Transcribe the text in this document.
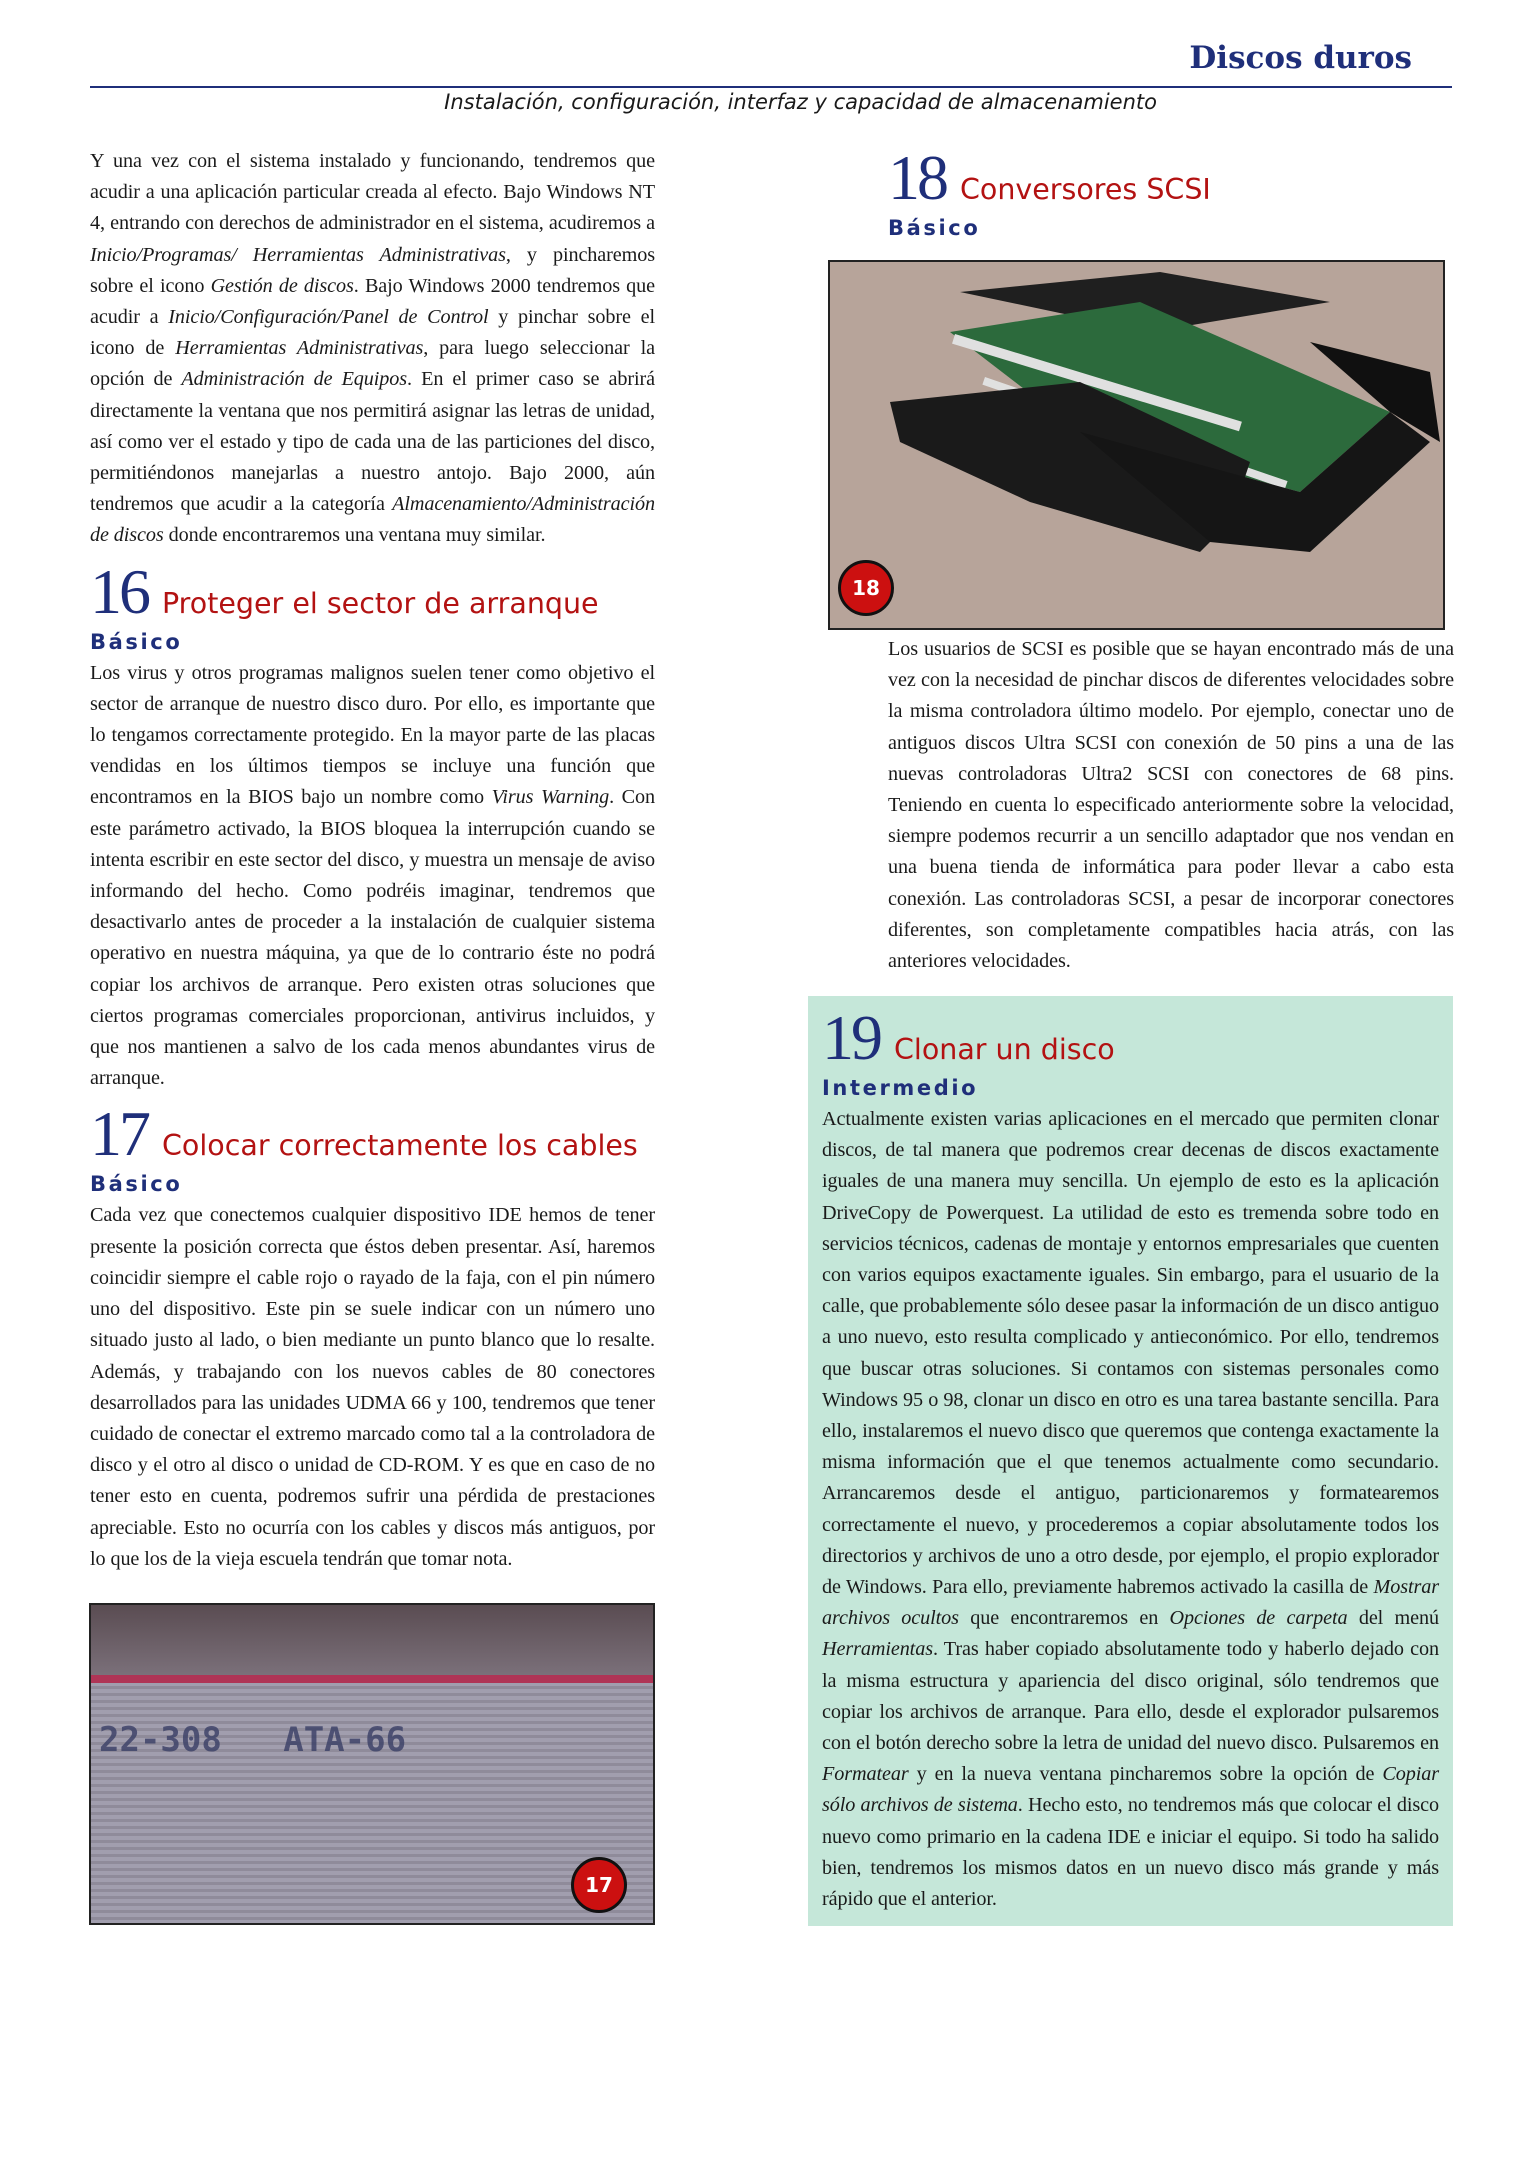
Discos duros
Instalación, configuración, interfaz y capacidad de almacenamiento

Y una vez con el sistema instalado y funcionando, tendremos que acudir a una aplicación particular creada al efecto. Bajo Windows NT 4, entrando con derechos de administrador en el sistema, acudiremos a Inicio/Programas/ Herramientas Administrativas, y pincharemos sobre el icono Gestión de discos. Bajo Windows 2000 tendremos que acudir a Inicio/Configuración/Panel de Control y pinchar sobre el icono de Herramientas Administrativas, para luego seleccionar la opción de Administración de Equipos. En el primer caso se abrirá directamente la ventana que nos permitirá asignar las letras de unidad, así como ver el estado y tipo de cada una de las particiones del disco, permitiéndonos manejarlas a nuestro antojo. Bajo 2000, aún tendremos que acudir a la categoría Almacenamiento/Administración de discos donde encontraremos una ventana muy similar.

16 Proteger el sector de arranque
Básico

Los virus y otros programas malignos suelen tener como objetivo el sector de arranque de nuestro disco duro. Por ello, es importante que lo tengamos correctamente protegido. En la mayor parte de las placas vendidas en los últimos tiempos se incluye una función que encontramos en la BIOS bajo un nombre como Virus Warning. Con este parámetro activado, la BIOS bloquea la interrupción cuando se intenta escribir en este sector del disco, y muestra un mensaje de aviso informando del hecho. Como podréis imaginar, tendremos que desactivarlo antes de proceder a la instalación de cualquier sistema operativo en nuestra máquina, ya que de lo contrario éste no podrá copiar los archivos de arranque. Pero existen otras soluciones que ciertos programas comerciales proporcionan, antivirus incluidos, y que nos mantienen a salvo de los cada menos abundantes virus de arranque.

17 Colocar correctamente los cables
Básico

Cada vez que conectemos cualquier dispositivo IDE hemos de tener presente la posición correcta que éstos deben presentar. Así, haremos coincidir siempre el cable rojo o rayado de la faja, con el pin número uno del dispositivo. Este pin se suele indicar con un número uno situado justo al lado, o bien mediante un punto blanco que lo resalte. Además, y trabajando con los nuevos cables de 80 conectores desarrollados para las unidades UDMA 66 y 100, tendremos que tener cuidado de conectar el extremo marcado como tal a la controladora de disco y el otro al disco o unidad de CD-ROM. Y es que en caso de no tener esto en cuenta, podremos sufrir una pérdida de prestaciones apreciable. Esto no ocurría con los cables y discos más antiguos, por lo que los de la vieja escuela tendrán que tomar nota.

22-308   ATA-66
17
18 Conversores SCSI
Básico
18

Los usuarios de SCSI es posible que se hayan encontrado más de una vez con la necesidad de pinchar discos de diferentes velocidades sobre la misma controladora último modelo. Por ejemplo, conectar uno de antiguos discos Ultra SCSI con conexión de 50 pins a una de las nuevas controladoras Ultra2 SCSI con conectores de 68 pins. Teniendo en cuenta lo especificado anteriormente sobre la velocidad, siempre podemos recurrir a un sencillo adaptador que nos vendan en una buena tienda de informática para poder llevar a cabo esta conexión. Las controladoras SCSI, a pesar de incorporar conectores diferentes, son completamente compatibles hacia atrás, con las anteriores velocidades.

19 Clonar un disco
Intermedio

Actualmente existen varias aplicaciones en el mercado que permiten clonar discos, de tal manera que podremos crear decenas de discos exactamente iguales de una manera muy sencilla. Un ejemplo de esto es la aplicación DriveCopy de Powerquest. La utilidad de esto es tremenda sobre todo en servicios técnicos, cadenas de montaje y entornos empresariales que cuenten con varios equipos exactamente iguales. Sin embargo, para el usuario de la calle, que probablemente sólo desee pasar la información de un disco antiguo a uno nuevo, esto resulta complicado y antieconómico. Por ello, tendremos que buscar otras soluciones. Si contamos con sistemas personales como Windows 95 o 98, clonar un disco en otro es una tarea bastante sencilla. Para ello, instalaremos el nuevo disco que queremos que contenga exactamente la misma información que el que tenemos actualmente como secundario. Arrancaremos desde el antiguo, particionaremos y formatearemos correctamente el nuevo, y procederemos a copiar absolutamente todos los directorios y archivos de uno a otro desde, por ejemplo, el propio explorador de Windows. Para ello, previamente habremos activado la casilla de Mostrar archivos ocultos que encontraremos en Opciones de carpeta del menú Herramientas. Tras haber copiado absolutamente todo y haberlo dejado con la misma estructura y apariencia del disco original, sólo tendremos que copiar los archivos de arranque. Para ello, desde el explorador pulsaremos con el botón derecho sobre la letra de unidad del nuevo disco. Pulsaremos en Formatear y en la nueva ventana pincharemos sobre la opción de Copiar sólo archivos de sistema. Hecho esto, no tendremos más que colocar el disco nuevo como primario en la cadena IDE e iniciar el equipo. Si todo ha salido bien, tendremos los mismos datos en un nuevo disco más grande y más rápido que el anterior.
